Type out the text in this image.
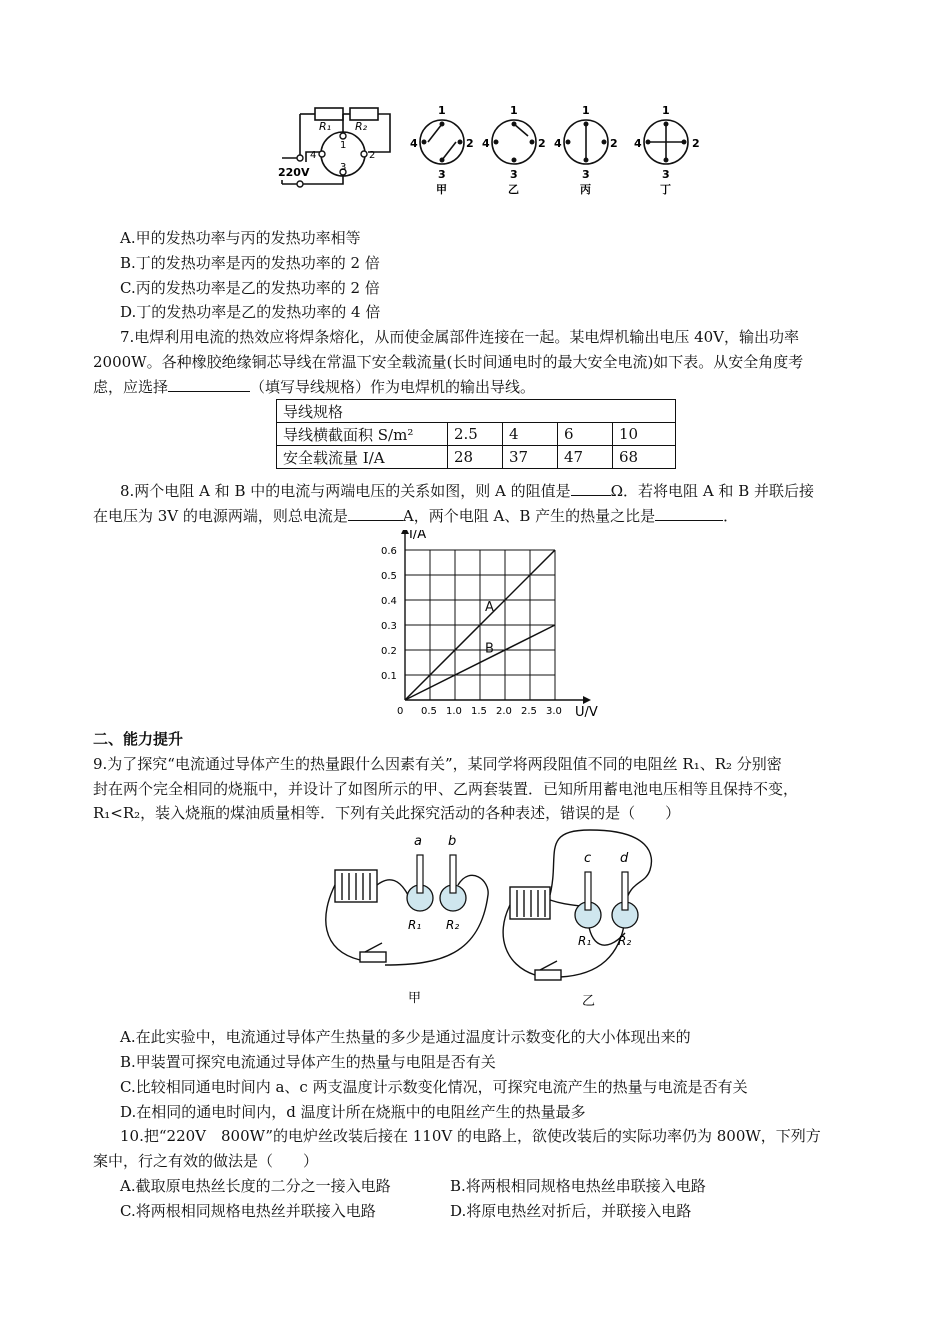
R₁ R₂
220V
1
2
3
4
1
2
3
4
甲
1
2
3
4
乙
1
2
3
4
丙
1
2
3
4
丁
A.甲的发热功率与丙的发热功率相等
B.丁的发热功率是丙的发热功率的 2 倍
C.丙的发热功率是乙的发热功率的 2 倍
D.丁的发热功率是乙的发热功率的 4 倍
7.电焊利用电流的热效应将焊条熔化，从而使金属部件连接在一起。某电焊机输出电压 40V，输出功率
2000W。各种橡胶绝缘铜芯导线在常温下安全载流量(长时间通电时的最大安全电流)如下表。从安全角度考
虑，应选择	（填写导线规格）作为电焊机的输出导线。
导线规格				
导线横截面积 S/m²	2.5	4	6	10
安全载流量 I/A	28	37	47	68
8.两个电阻 A 和 B 中的电流与两端电压的关系如图，则 A 的阻值是	Ω．若将电阻 A 和 B 并联后接
在电压为 3V 的电源两端，则总电流是	A，两个电阻 A、B 产生的热量之比是	．
0 0.5 1.0 1.5 2.0 2.5 3.0
0.1
0.2
0.3
0.4
0.5
0.6
U/V
I/A
A
B
二、能力提升
9.为了探究“电流通过导体产生的热量跟什么因素有关”，某同学将两段阻值不同的电阻丝 R₁、R₂ 分别密
封在两个完全相同的烧瓶中，并设计了如图所示的甲、乙两套装置．已知所用蓄电池电压相等且保持不变，
R₁<R₂，装入烧瓶的煤油质量相等．下列有关此探究活动的各种表述，错误的是（　　）
a b
R₁ R₂
甲
c d
R₁ R₂
乙
A.在此实验中，电流通过导体产生热量的多少是通过温度计示数变化的大小体现出来的
B.甲装置可探究电流通过导体产生的热量与电阻是否有关
C.比较相同通电时间内 a、c 两支温度计示数变化情况，可探究电流产生的热量与电流是否有关
D.在相同的通电时间内，d 温度计所在烧瓶中的电阻丝产生的热量最多
10.把“220V　800W”的电炉丝改装后接在 110V 的电路上，欲使改装后的实际功率仍为 800W，下列方
案中，行之有效的做法是（　　）
A.截取原电热丝长度的二分之一接入电路	B.将两根相同规格电热丝串联接入电路
C.将两根相同规格电热丝并联接入电路	D.将原电热丝对折后，并联接入电路
